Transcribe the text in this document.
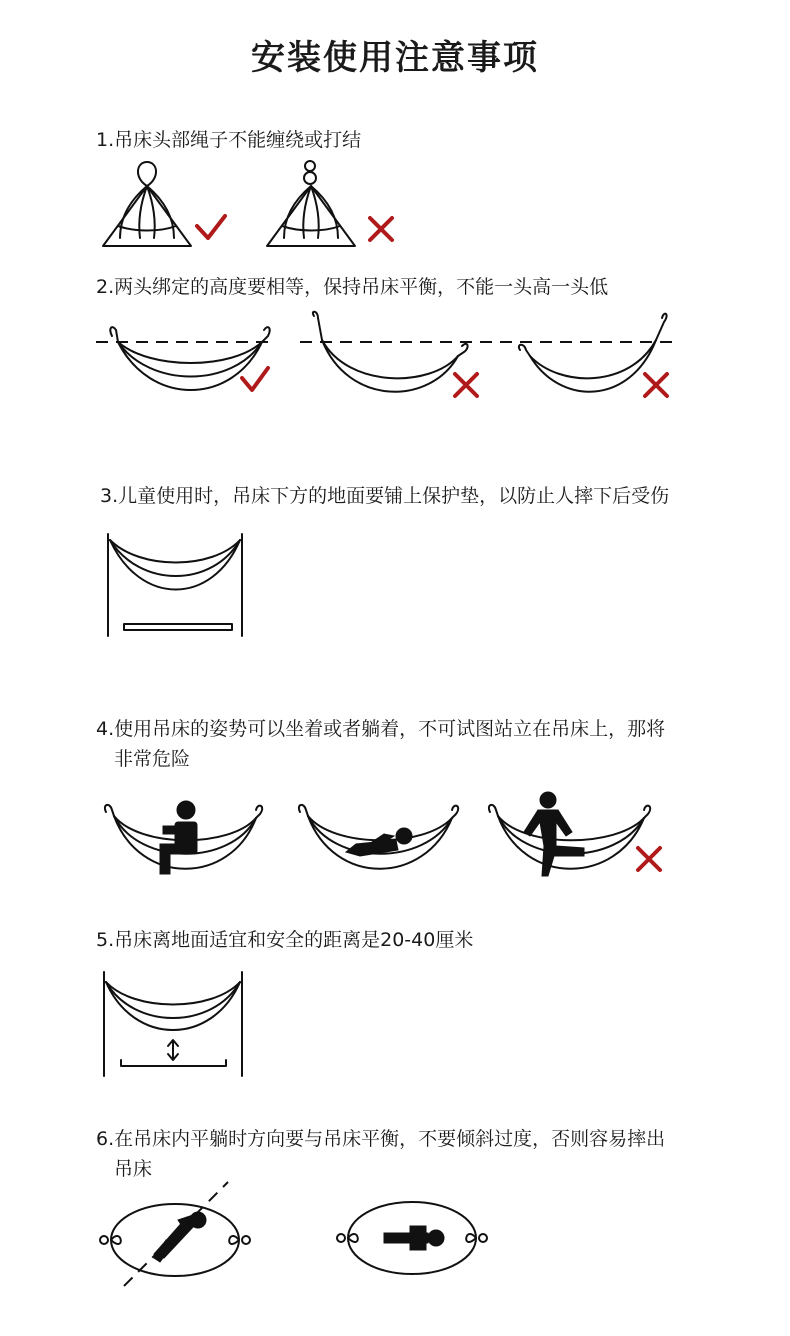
安装使用注意事项
1.吊床头部绳子不能缠绕或打结
2.两头绑定的高度要相等，保持吊床平衡，不能一头高一头低
3.儿童使用时，吊床下方的地面要铺上保护垫，以防止人摔下后受伤
4.使用吊床的姿势可以坐着或者躺着，不可试图站立在吊床上，那将
非常危险
5.吊床离地面适宜和安全的距离是20-40厘米
6.在吊床内平躺时方向要与吊床平衡，不要倾斜过度，否则容易摔出
吊床
